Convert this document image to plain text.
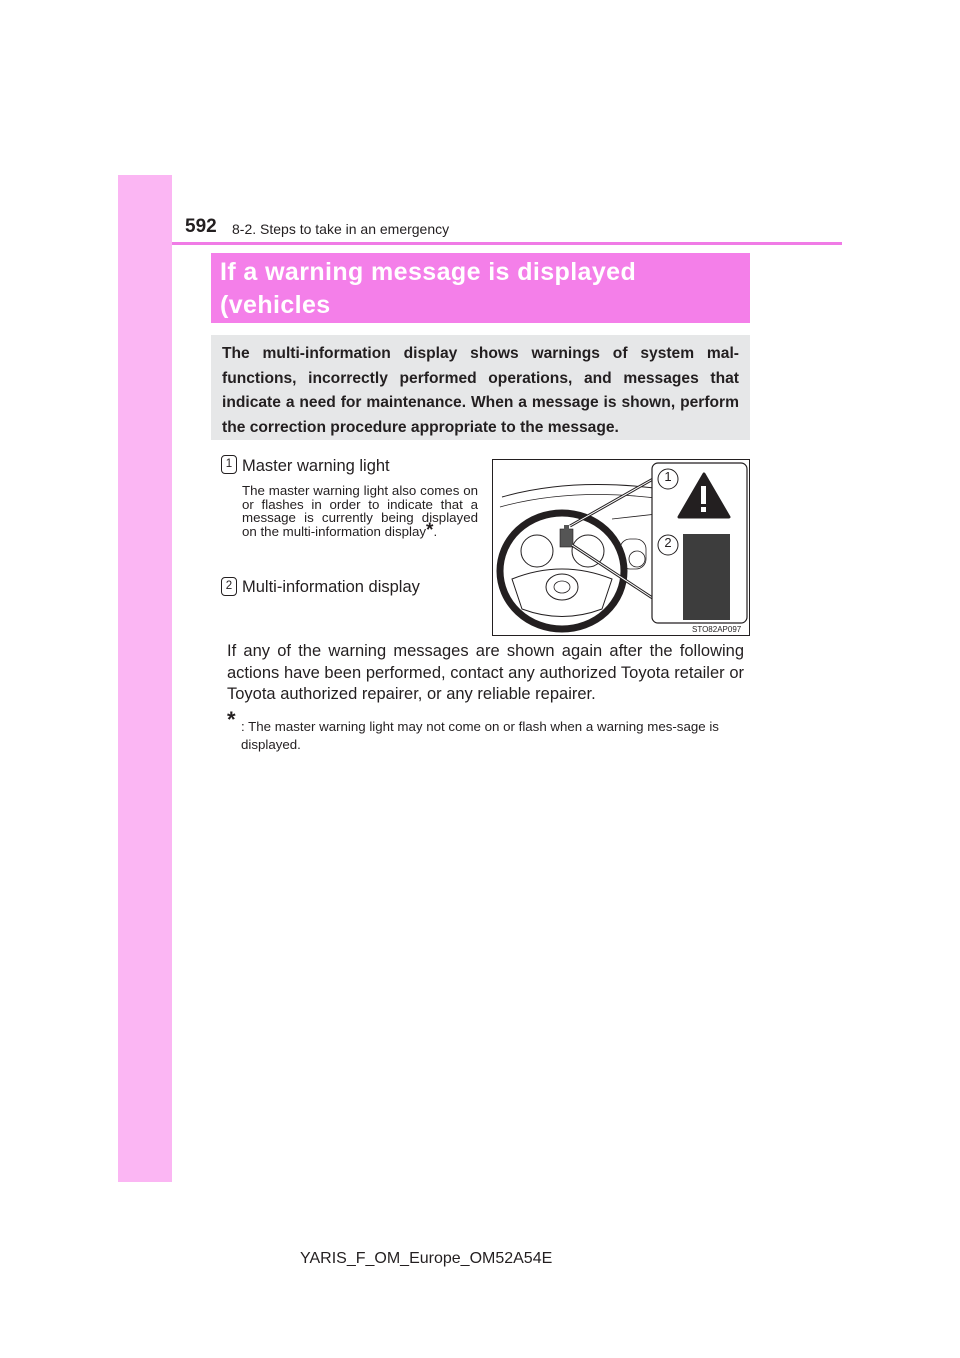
592 8-2. Steps to take in an emergency
If a warning message is displayed (vehicles
The multi-information display shows warnings of system mal-functions, incorrectly performed operations, and messages that indicate a need for maintenance. When a message is shown, perform the correction procedure appropriate to the message.
1 Master warning light
The master warning light also comes on or flashes in order to indicate that a message is currently being displayed on the multi-information display*.
2 Multi-information display
1
2
STO82AP097
If any of the warning messages are shown again after the following actions have been performed, contact any authorized Toyota retailer or Toyota authorized repairer, or any reliable repairer.
* : The master warning light may not come on or flash when a warning mes-sage is displayed.
YARIS_F_OM_Europe_OM52A54E
